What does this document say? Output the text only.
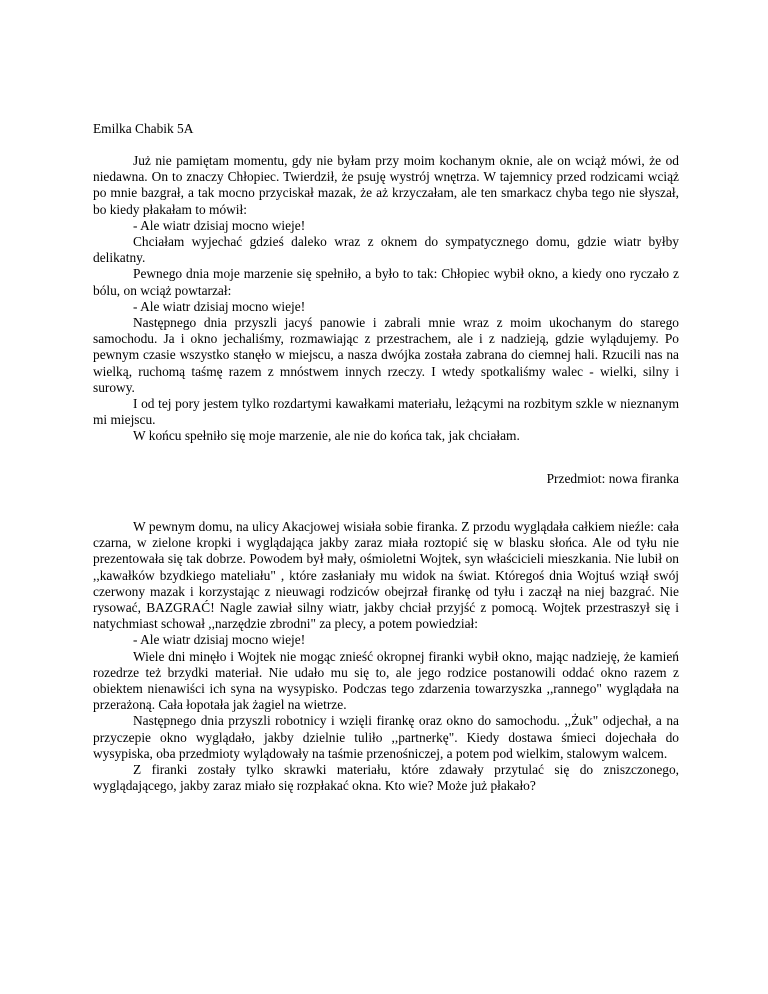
Emilka Chabik 5A

Już nie pamiętam momentu, gdy nie byłam przy moim kochanym oknie, ale on wciąż mówi, że od niedawna. On to znaczy Chłopiec. Twierdził, że psuję wystrój wnętrza. W tajemnicy przed rodzicami wciąż po mnie bazgrał, a tak mocno przyciskał mazak, że aż krzyczałam, ale ten smarkacz chyba tego nie słyszał, bo kiedy płakałam to mówił:

- Ale wiatr dzisiaj mocno wieje!

Chciałam wyjechać gdzieś daleko wraz z oknem do sympatycznego domu, gdzie wiatr byłby delikatny.

Pewnego dnia moje marzenie się spełniło, a było to tak: Chłopiec wybił okno, a kiedy ono ryczało z bólu, on wciąż powtarzał:

- Ale wiatr dzisiaj mocno wieje!

Następnego dnia przyszli jacyś panowie i zabrali mnie wraz z moim ukochanym do starego samochodu. Ja i okno jechaliśmy, rozmawiając z przestrachem, ale i z nadzieją, gdzie wylądujemy. Po pewnym czasie wszystko stanęło w miejscu, a nasza dwójka została zabrana do ciemnej hali. Rzucili nas na wielką, ruchomą taśmę razem z mnóstwem innych rzeczy. I wtedy spotkaliśmy walec - wielki, silny i surowy.

I od tej pory jestem tylko rozdartymi kawałkami materiału, leżącymi na rozbitym szkle w nieznanym mi miejscu.

W końcu spełniło się moje marzenie, ale nie do końca tak, jak chciałam.

Przedmiot: nowa firanka

W pewnym domu, na ulicy Akacjowej wisiała sobie firanka. Z przodu wyglądała całkiem nieźle: cała czarna, w zielone kropki i wyglądająca jakby zaraz miała roztopić się w blasku słońca. Ale od tyłu nie prezentowała się tak dobrze. Powodem był mały, ośmioletni Wojtek, syn właścicieli mieszkania. Nie lubił on ,,kawałków bzydkiego mateliału" , które zasłaniały mu widok na świat. Któregoś dnia Wojtuś wziął swój czerwony mazak i korzystając z nieuwagi rodziców obejrzał firankę od tyłu i zaczął na niej bazgrać. Nie rysować, BAZGRAĆ! Nagle zawiał silny wiatr, jakby chciał przyjść z pomocą. Wojtek przestraszył się i natychmiast schował ,,narzędzie zbrodni" za plecy, a potem powiedział:

- Ale wiatr dzisiaj mocno wieje!

Wiele dni minęło i Wojtek nie mogąc znieść okropnej firanki wybił okno, mając nadzieję, że kamień rozedrze też brzydki materiał. Nie udało mu się to, ale jego rodzice postanowili oddać okno razem z obiektem nienawiści ich syna na wysypisko. Podczas tego zdarzenia towarzyszka ,,rannego" wyglądała na przerażoną. Cała łopotała jak żagiel na wietrze.

Następnego dnia przyszli robotnicy i wzięli firankę oraz okno do samochodu. ,,Żuk" odjechał, a na przyczepie okno wyglądało, jakby dzielnie tuliło ,,partnerkę". Kiedy dostawa śmieci dojechała do wysypiska, oba przedmioty wylądowały na taśmie przenośniczej, a potem pod wielkim, stalowym walcem.

Z firanki zostały tylko skrawki materiału, które zdawały przytulać się do zniszczonego, wyglądającego, jakby zaraz miało się rozpłakać okna. Kto wie? Może już płakało?
